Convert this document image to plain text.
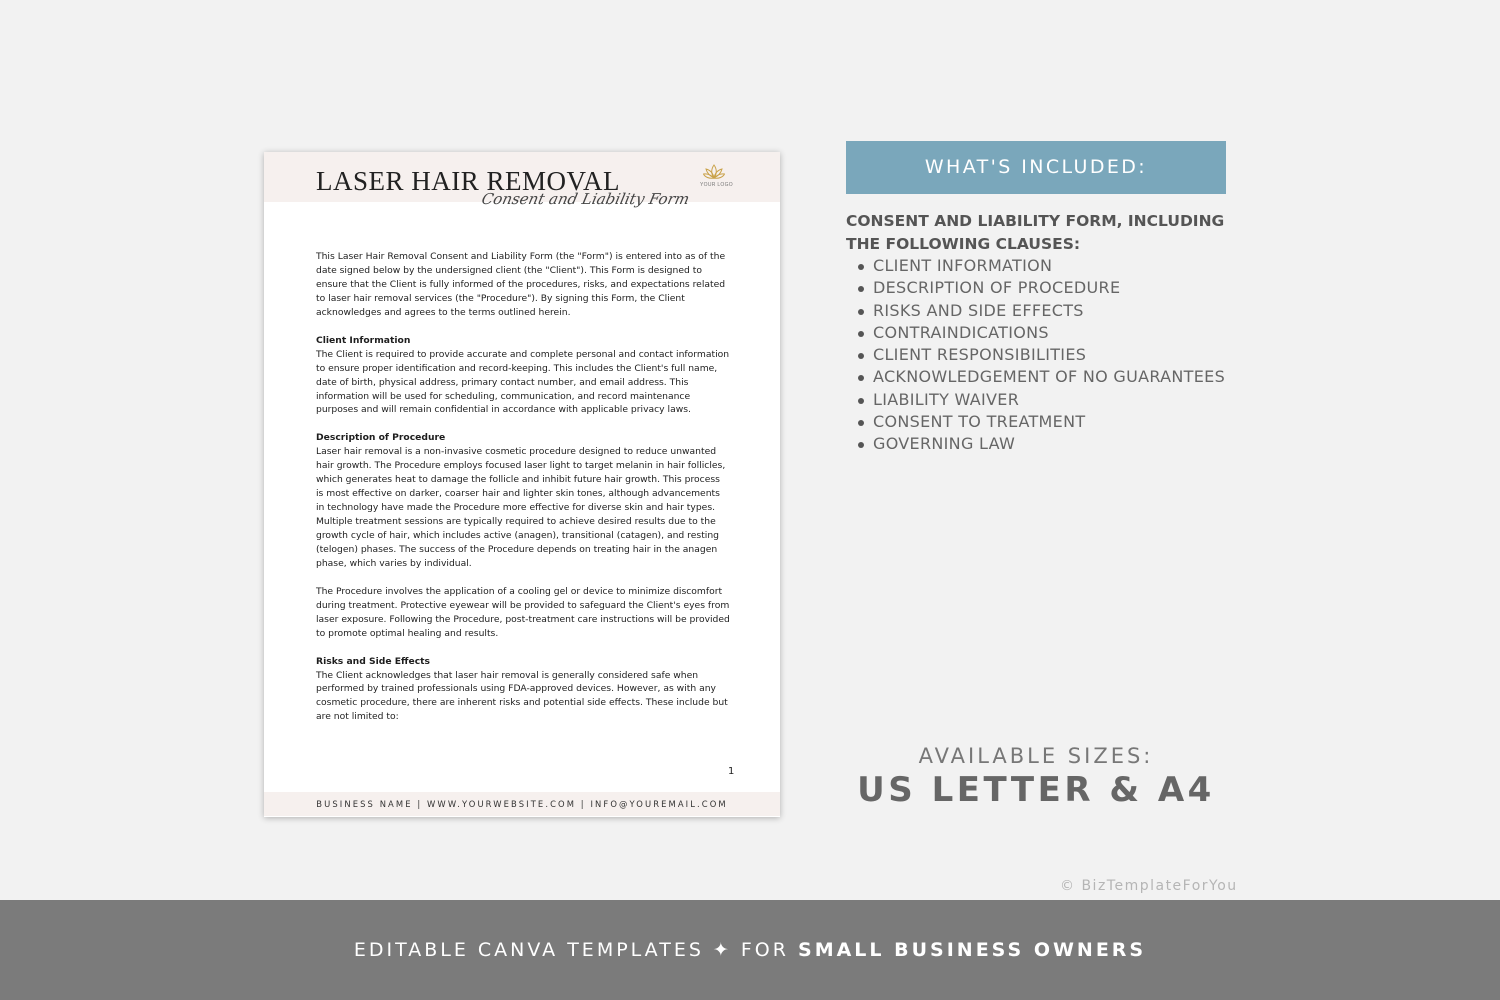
LASER HAIR REMOVAL
Consent and Liability Form
YOUR LOGO

This Laser Hair Removal Consent and Liability Form (the "Form") is entered into as of the date signed below by the undersigned client (the "Client"). This Form is designed to ensure that the Client is fully informed of the procedures, risks, and expectations related to laser hair removal services (the "Procedure"). By signing this Form, the Client acknowledges and agrees to the terms outlined herein.

Client Information
The Client is required to provide accurate and complete personal and contact information to ensure proper identification and record-keeping. This includes the Client's full name, date of birth, physical address, primary contact number, and email address. This information will be used for scheduling, communication, and record maintenance purposes and will remain confidential in accordance with applicable privacy laws.

Description of Procedure
Laser hair removal is a non-invasive cosmetic procedure designed to reduce unwanted hair growth. The Procedure employs focused laser light to target melanin in hair follicles, which generates heat to damage the follicle and inhibit future hair growth. This process is most effective on darker, coarser hair and lighter skin tones, although advancements in technology have made the Procedure more effective for diverse skin and hair types. Multiple treatment sessions are typically required to achieve desired results due to the growth cycle of hair, which includes active (anagen), transitional (catagen), and resting (telogen) phases. The success of the Procedure depends on treating hair in the anagen phase, which varies by individual.

The Procedure involves the application of a cooling gel or device to minimize discomfort during treatment. Protective eyewear will be provided to safeguard the Client's eyes from laser exposure. Following the Procedure, post-treatment care instructions will be provided to promote optimal healing and results.

Risks and Side Effects
The Client acknowledges that laser hair removal is generally considered safe when performed by trained professionals using FDA-approved devices. However, as with any cosmetic procedure, there are inherent risks and potential side effects. These include but are not limited to:

1
BUSINESS NAME | WWW.YOURWEBSITE.COM | INFO@YOUREMAIL.COM
WHAT'S INCLUDED:
CONSENT AND LIABILITY FORM, INCLUDING THE FOLLOWING CLAUSES:
CLIENT INFORMATION
DESCRIPTION OF PROCEDURE
RISKS AND SIDE EFFECTS
CONTRAINDICATIONS
CLIENT RESPONSIBILITIES
ACKNOWLEDGEMENT OF NO GUARANTEES
LIABILITY WAIVER
CONSENT TO TREATMENT
GOVERNING LAW
AVAILABLE SIZES:
US LETTER & A4
© BizTemplateForYou
EDITABLE CANVA TEMPLATES ✦ FOR SMALL BUSINESS OWNERS
